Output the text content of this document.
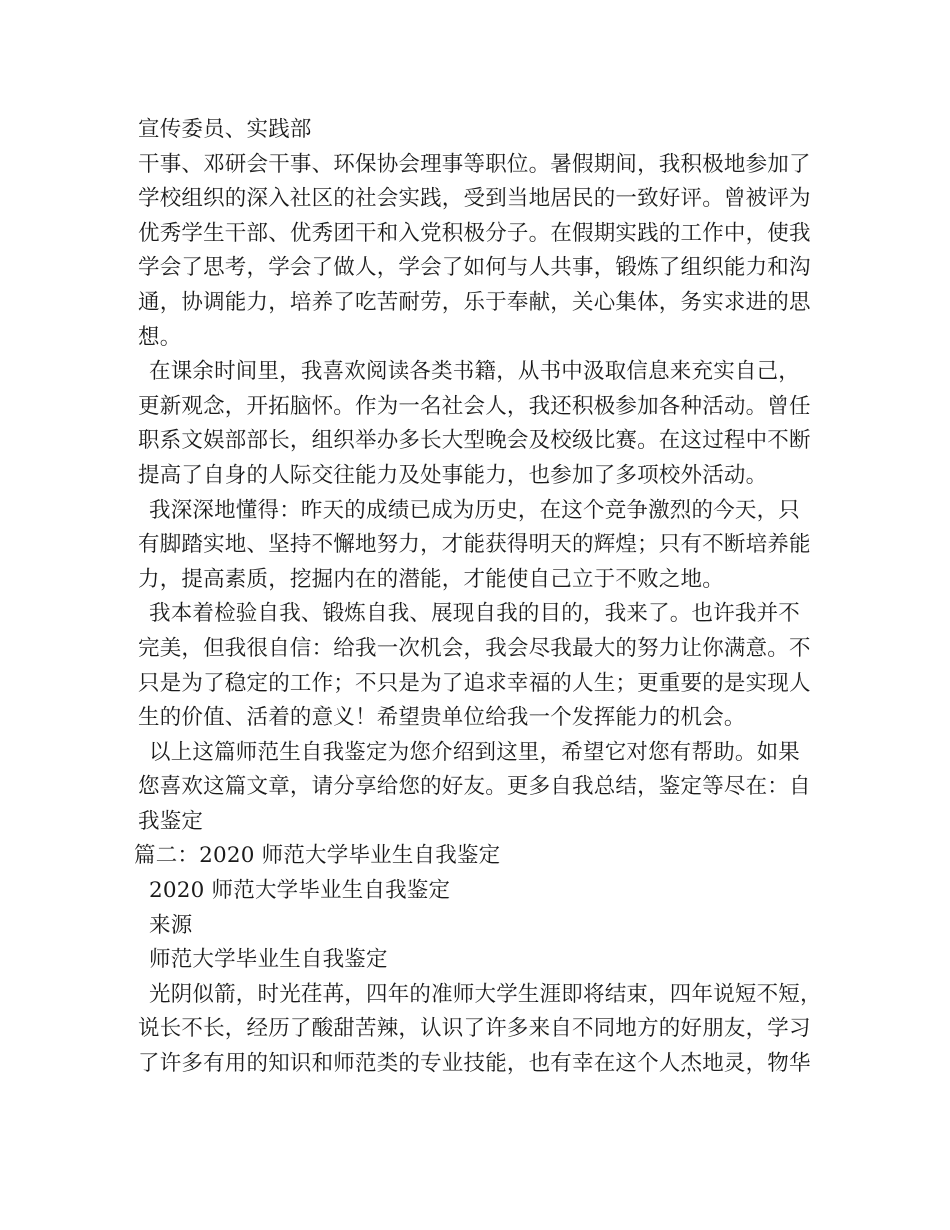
宣传委员、实践部
干事、邓研会干事、环保协会理事等职位。暑假期间，我积极地参加了
学校组织的深入社区的社会实践，受到当地居民的一致好评。曾被评为
优秀学生干部、优秀团干和入党积极分子。在假期实践的工作中，使我
学会了思考，学会了做人，学会了如何与人共事，锻炼了组织能力和沟
通，协调能力，培养了吃苦耐劳，乐于奉献，关心集体，务实求进的思
想。
在课余时间里，我喜欢阅读各类书籍，从书中汲取信息来充实自己，
更新观念，开拓脑怀。作为一名社会人，我还积极参加各种活动。曾任
职系文娱部部长，组织举办多长大型晚会及校级比赛。在这过程中不断
提高了自身的人际交往能力及处事能力，也参加了多项校外活动。
我深深地懂得：昨天的成绩已成为历史，在这个竞争激烈的今天，只
有脚踏实地、坚持不懈地努力，才能获得明天的辉煌；只有不断培养能
力，提高素质，挖掘内在的潜能，才能使自己立于不败之地。
我本着检验自我、锻炼自我、展现自我的目的，我来了。也许我并不
完美，但我很自信：给我一次机会，我会尽我最大的努力让你满意。不
只是为了稳定的工作；不只是为了追求幸福的人生；更重要的是实现人
生的价值、活着的意义！希望贵单位给我一个发挥能力的机会。
以上这篇师范生自我鉴定为您介绍到这里，希望它对您有帮助。如果
您喜欢这篇文章，请分享给您的好友。更多自我总结，鉴定等尽在：自
我鉴定
篇二：2020 师范大学毕业生自我鉴定
2020 师范大学毕业生自我鉴定
来源
师范大学毕业生自我鉴定
光阴似箭，时光荏苒，四年的准师大学生涯即将结束，四年说短不短，
说长不长，经历了酸甜苦辣，认识了许多来自不同地方的好朋友，学习
了许多有用的知识和师范类的专业技能，也有幸在这个人杰地灵，物华
